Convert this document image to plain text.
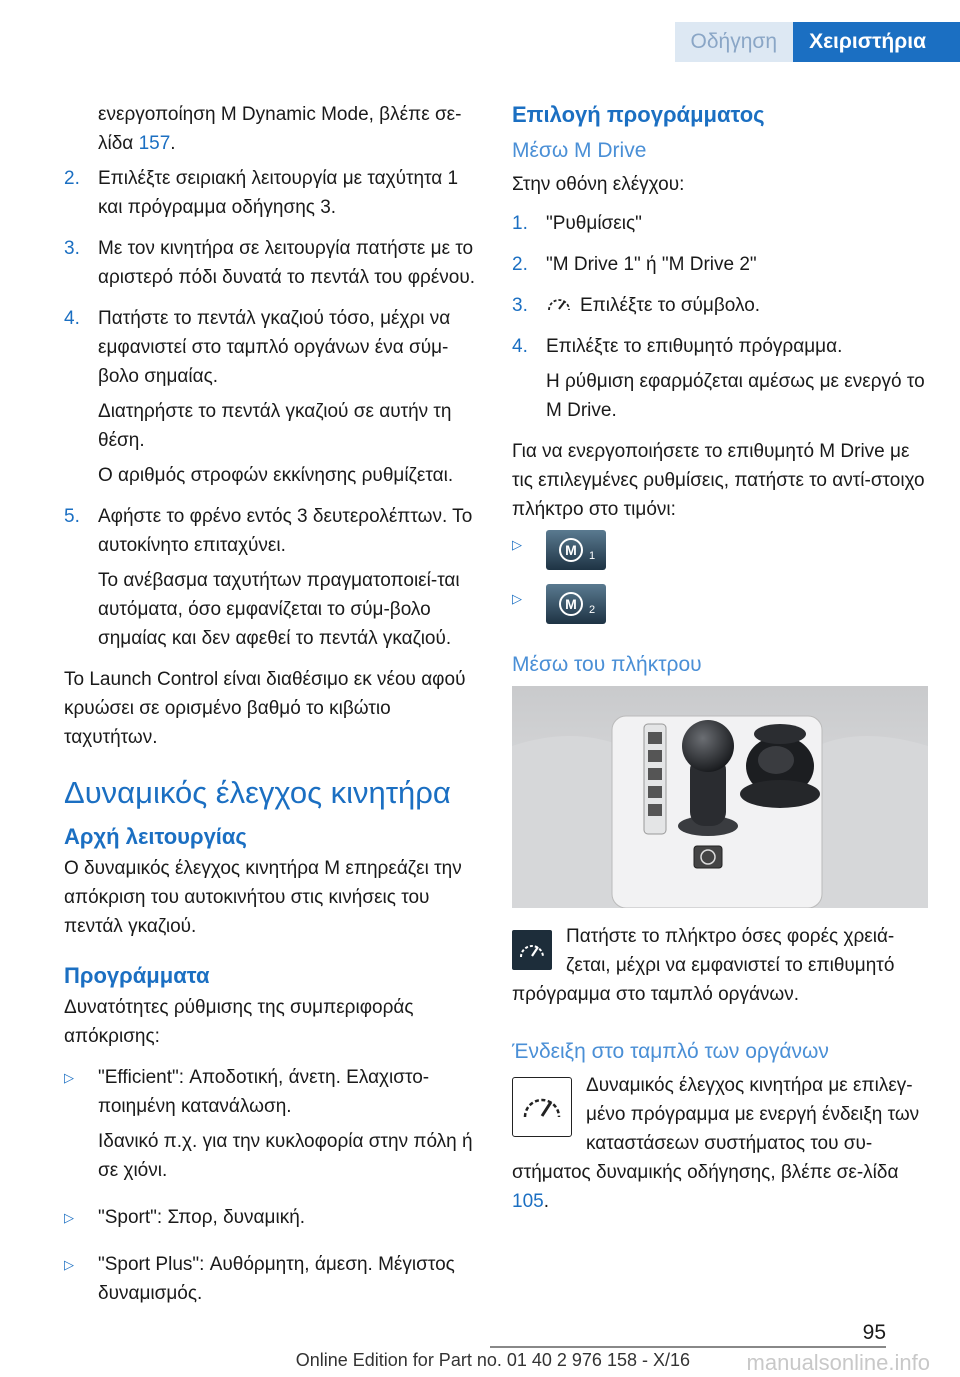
Οδήγηση	Χειριστήρια

ενεργοποίηση M Dynamic Mode, βλέπε σε-λίδα 157.

2. Επιλέξτε σειριακή λειτουργία με ταχύτητα 1 και πρόγραμμα οδήγησης 3.

3. Με τον κινητήρα σε λειτουργία πατήστε με το αριστερό πόδι δυνατά το πεντάλ του φρένου.

4. Πατήστε το πεντάλ γκαζιού τόσο, μέχρι να εμφανιστεί στο ταμπλό οργάνων ένα σύμ-βολο σημαίας.

Διατηρήστε το πεντάλ γκαζιού σε αυτήν τη θέση.

Ο αριθμός στροφών εκκίνησης ρυθμίζεται.

5. Αφήστε το φρένο εντός 3 δευτερολέπτων. Το αυτοκίνητο επιταχύνει.

Το ανέβασμα ταχυτήτων πραγματοποιεί-ται αυτόματα, όσο εμφανίζεται το σύμ-βολο σημαίας και δεν αφεθεί το πεντάλ γκαζιού.

Το Launch Control είναι διαθέσιμο εκ νέου αφού κρυώσει σε ορισμένο βαθμό το κιβώτιο ταχυτήτων.

Δυναμικός έλεγχος κινητήρα
Αρχή λειτουργίας

Ο δυναμικός έλεγχος κινητήρα M επηρεάζει την απόκριση του αυτοκινήτου στις κινήσεις του πεντάλ γκαζιού.

Προγράμματα

Δυνατότητες ρύθμισης της συμπεριφοράς απόκρισης:

▷	"Efficient": Αποδοτική, άνετη. Ελαχιστο-ποιημένη κατανάλωση.

Ιδανικό π.χ. για την κυκλοφορία στην πόλη ή σε χιόνι.

▷	"Sport": Σπορ, δυναμική.

▷	"Sport Plus": Αυθόρμητη, άμεση. Μέγιστος δυναμισμός.

Επιλογή προγράμματος
Μέσω M Drive

Στην οθόνη ελέγχου:

1. "Ρυθμίσεις"

2. "M Drive 1" ή "M Drive 2"

3.	Επιλέξτε το σύμβολο.

4. Επιλέξτε το επιθυμητό πρόγραμμα.

Η ρύθμιση εφαρμόζεται αμέσως με ενεργό το M Drive.

Για να ενεργοποιήσετε το επιθυμητό M Drive με τις επιλεγμένες ρυθμίσεις, πατήστε το αντί-στοιχο πλήκτρο στο τιμόνι:

▷	M 1
▷	M 2
Μέσω του πλήκτρου

Πατήστε το πλήκτρο όσες φορές χρειά-ζεται, μέχρι να εμφανιστεί το επιθυμητό πρόγραμμα στο ταμπλό οργάνων.

Ένδειξη στο ταμπλό των οργάνων

Δυναμικός έλεγχος κινητήρα με επιλεγ-μένο πρόγραμμα με ενεργή ένδειξη των καταστάσεων συστήματος του συ-στήματος δυναμικής οδήγησης, βλέπε σε-λίδα 105.

95
Online Edition for Part no. 01 40 2 976 158 - X/16	manualsonline.info
